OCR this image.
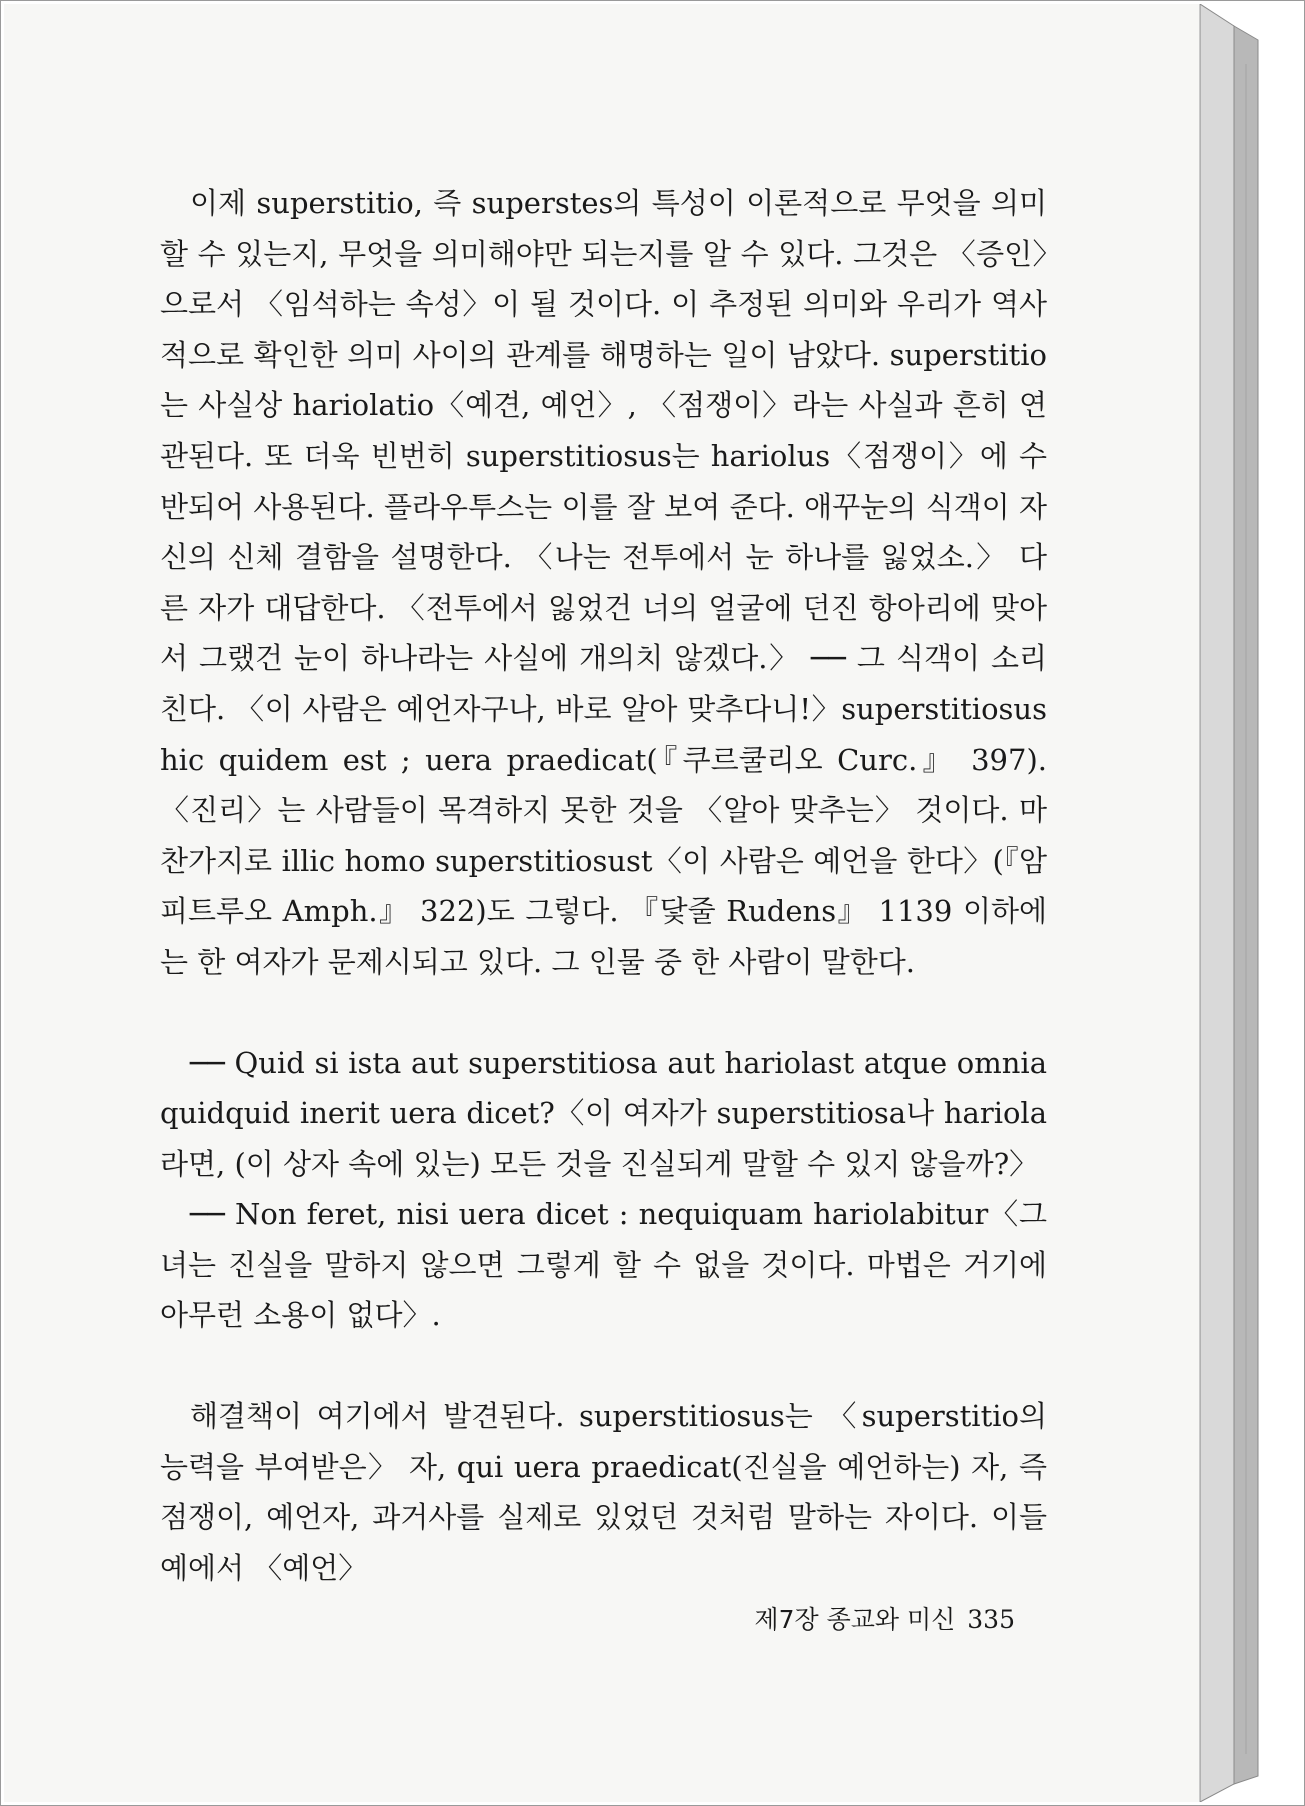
이제 superstitio, 즉 superstes의 특성이 이론적으로 무엇을 의미할 수 있는지, 무엇을 의미해야만 되는지를 알 수 있다. 그것은 〈증인〉으로서 〈임석하는 속성〉이 될 것이다. 이 추정된 의미와 우리가 역사적으로 확인한 의미 사이의 관계를 해명하는 일이 남았다. superstitio는 사실상 hariolatio〈예견, 예언〉, 〈점쟁이〉라는 사실과 흔히 연관된다. 또 더욱 빈번히 superstitiosus는 hariolus〈점쟁이〉에 수반되어 사용된다. 플라우투스는 이를 잘 보여 준다. 애꾸눈의 식객이 자신의 신체 결함을 설명한다. 〈나는 전투에서 눈 하나를 잃었소.〉 다른 자가 대답한다. 〈전투에서 잃었건 너의 얼굴에 던진 항아리에 맞아서 그랬건 눈이 하나라는 사실에 개의치 않겠다.〉 ── 그 식객이 소리친다. 〈이 사람은 예언자구나, 바로 알아 맞추다니!〉superstitiosus hic quidem est ; uera praedicat(『쿠르쿨리오 Curc.』 397). 〈진리〉는 사람들이 목격하지 못한 것을 〈알아 맞추는〉 것이다. 마찬가지로 illic homo superstitiosust〈이 사람은 예언을 한다〉(『암피트루오 Amph.』 322)도 그렇다. 『닻줄 Rudens』 1139 이하에는 한 여자가 문제시되고 있다. 그 인물 중 한 사람이 말한다.

── Quid si ista aut superstitiosa aut hariolast atque omnia quidquid inerit uera dicet?〈이 여자가 superstitiosa나 hariola라면, (이 상자 속에 있는) 모든 것을 진실되게 말할 수 있지 않을까?〉

── Non feret, nisi uera dicet : nequiquam hariolabitur〈그녀는 진실을 말하지 않으면 그렇게 할 수 없을 것이다. 마법은 거기에 아무런 소용이 없다〉.

해결책이 여기에서 발견된다. superstitiosus는 〈superstitio의 능력을 부여받은〉 자, qui uera praedicat(진실을 예언하는) 자, 즉 점쟁이, 예언자, 과거사를 실제로 있었던 것처럼 말하는 자이다. 이들 예에서 〈예언〉

제7장 종교와 미신 335
